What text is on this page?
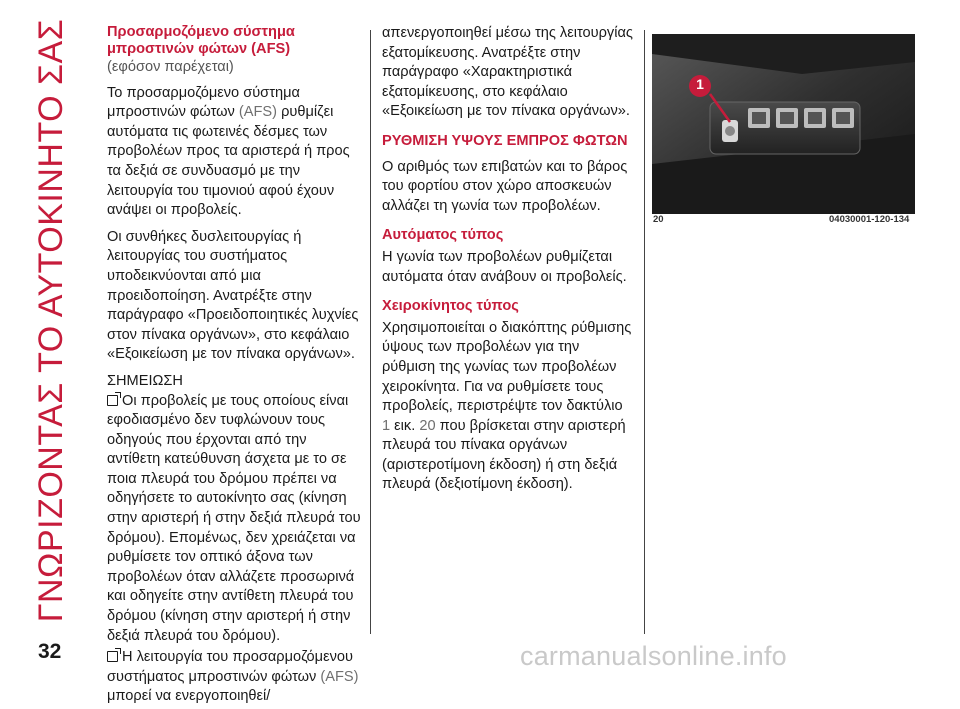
ΓΝΩΡΙΖΟΝΤΑΣ ΤΟ ΑΥΤΟΚΙΝΗΤΟ ΣΑΣ	Προσαρμοζόμενο σύστημα μπροστινών φώτων (AFS)
(εφόσον παρέχεται)

Το προσαρμοζόμενο σύστημα μπροστινών φώτων (AFS) ρυθμίζει αυτόματα τις φωτεινές δέσμες των προβολέων προς τα αριστερά ή προς τα δεξιά σε συνδυασμό με την λειτουργία του τιμονιού αφού έχουν ανάψει οι προβολείς.

Οι συνθήκες δυσλειτουργίας ή λειτουργίας του συστήματος υποδεικνύονται από μια προειδοποίηση. Ανατρέξτε στην παράγραφο «Προειδοποιητικές λυχνίες στον πίνακα οργάνων», στο κεφάλαιο «Εξοικείωση με τον πίνακα οργάνων».

ΣΗΜΕΙΩΣΗ
Οι προβολείς με τους οποίους είναι εφοδιασμένο δεν τυφλώνουν τους οδηγούς που έρχονται από την αντίθετη κατεύθυνση άσχετα με το σε ποια πλευρά του δρόμου πρέπει να οδηγήσετε το αυτοκίνητο σας (κίνηση στην αριστερή ή στην δεξιά πλευρά του δρόμου). Επομένως, δεν χρειάζεται να ρυθμίσετε τον οπτικό άξονα των προβολέων όταν αλλάζετε προσωρινά και οδηγείτε στην αντίθετη πλευρά του δρόμου (κίνηση στην αριστερή ή στην δεξιά πλευρά του δρόμου).
Η λειτουργία του προσαρμοζόμενου συστήματος μπροστινών φώτων (AFS) μπορεί να ενεργοποιηθεί/

απενεργοποιηθεί μέσω της λειτουργίας εξατομίκευσης. Ανατρέξτε στην παράγραφο «Χαρακτηριστικά εξατομίκευσης, στο κεφάλαιο «Εξοικείωση με τον πίνακα οργάνων».

ΡΥΘΜΙΣΗ ΥΨΟΥΣ ΕΜΠΡΟΣ ΦΩΤΩΝ

Ο αριθμός των επιβατών και το βάρος του φορτίου στον χώρο αποσκευών αλλάζει τη γωνία των προβολέων.

Αυτόματος τύπος

Η γωνία των προβολέων ρυθμίζεται αυτόματα όταν ανάβουν οι προβολείς.

Χειροκίνητος τύπος

Χρησιμοποιείται ο διακόπτης ρύθμισης ύψους των προβολέων για την ρύθμιση της γωνίας των προβολέων χειροκίνητα. Για να ρυθμίσετε τους προβολείς, περιστρέψτε τον δακτύλιο 1 εικ. 20 που βρίσκεται στην αριστερή πλευρά του πίνακα οργάνων (αριστεροτίμονη έκδοση) ή στη δεξιά πλευρά (δεξιοτίμονη έκδοση).

1
20	04030001-120-134
32	carmanualsonline.info
